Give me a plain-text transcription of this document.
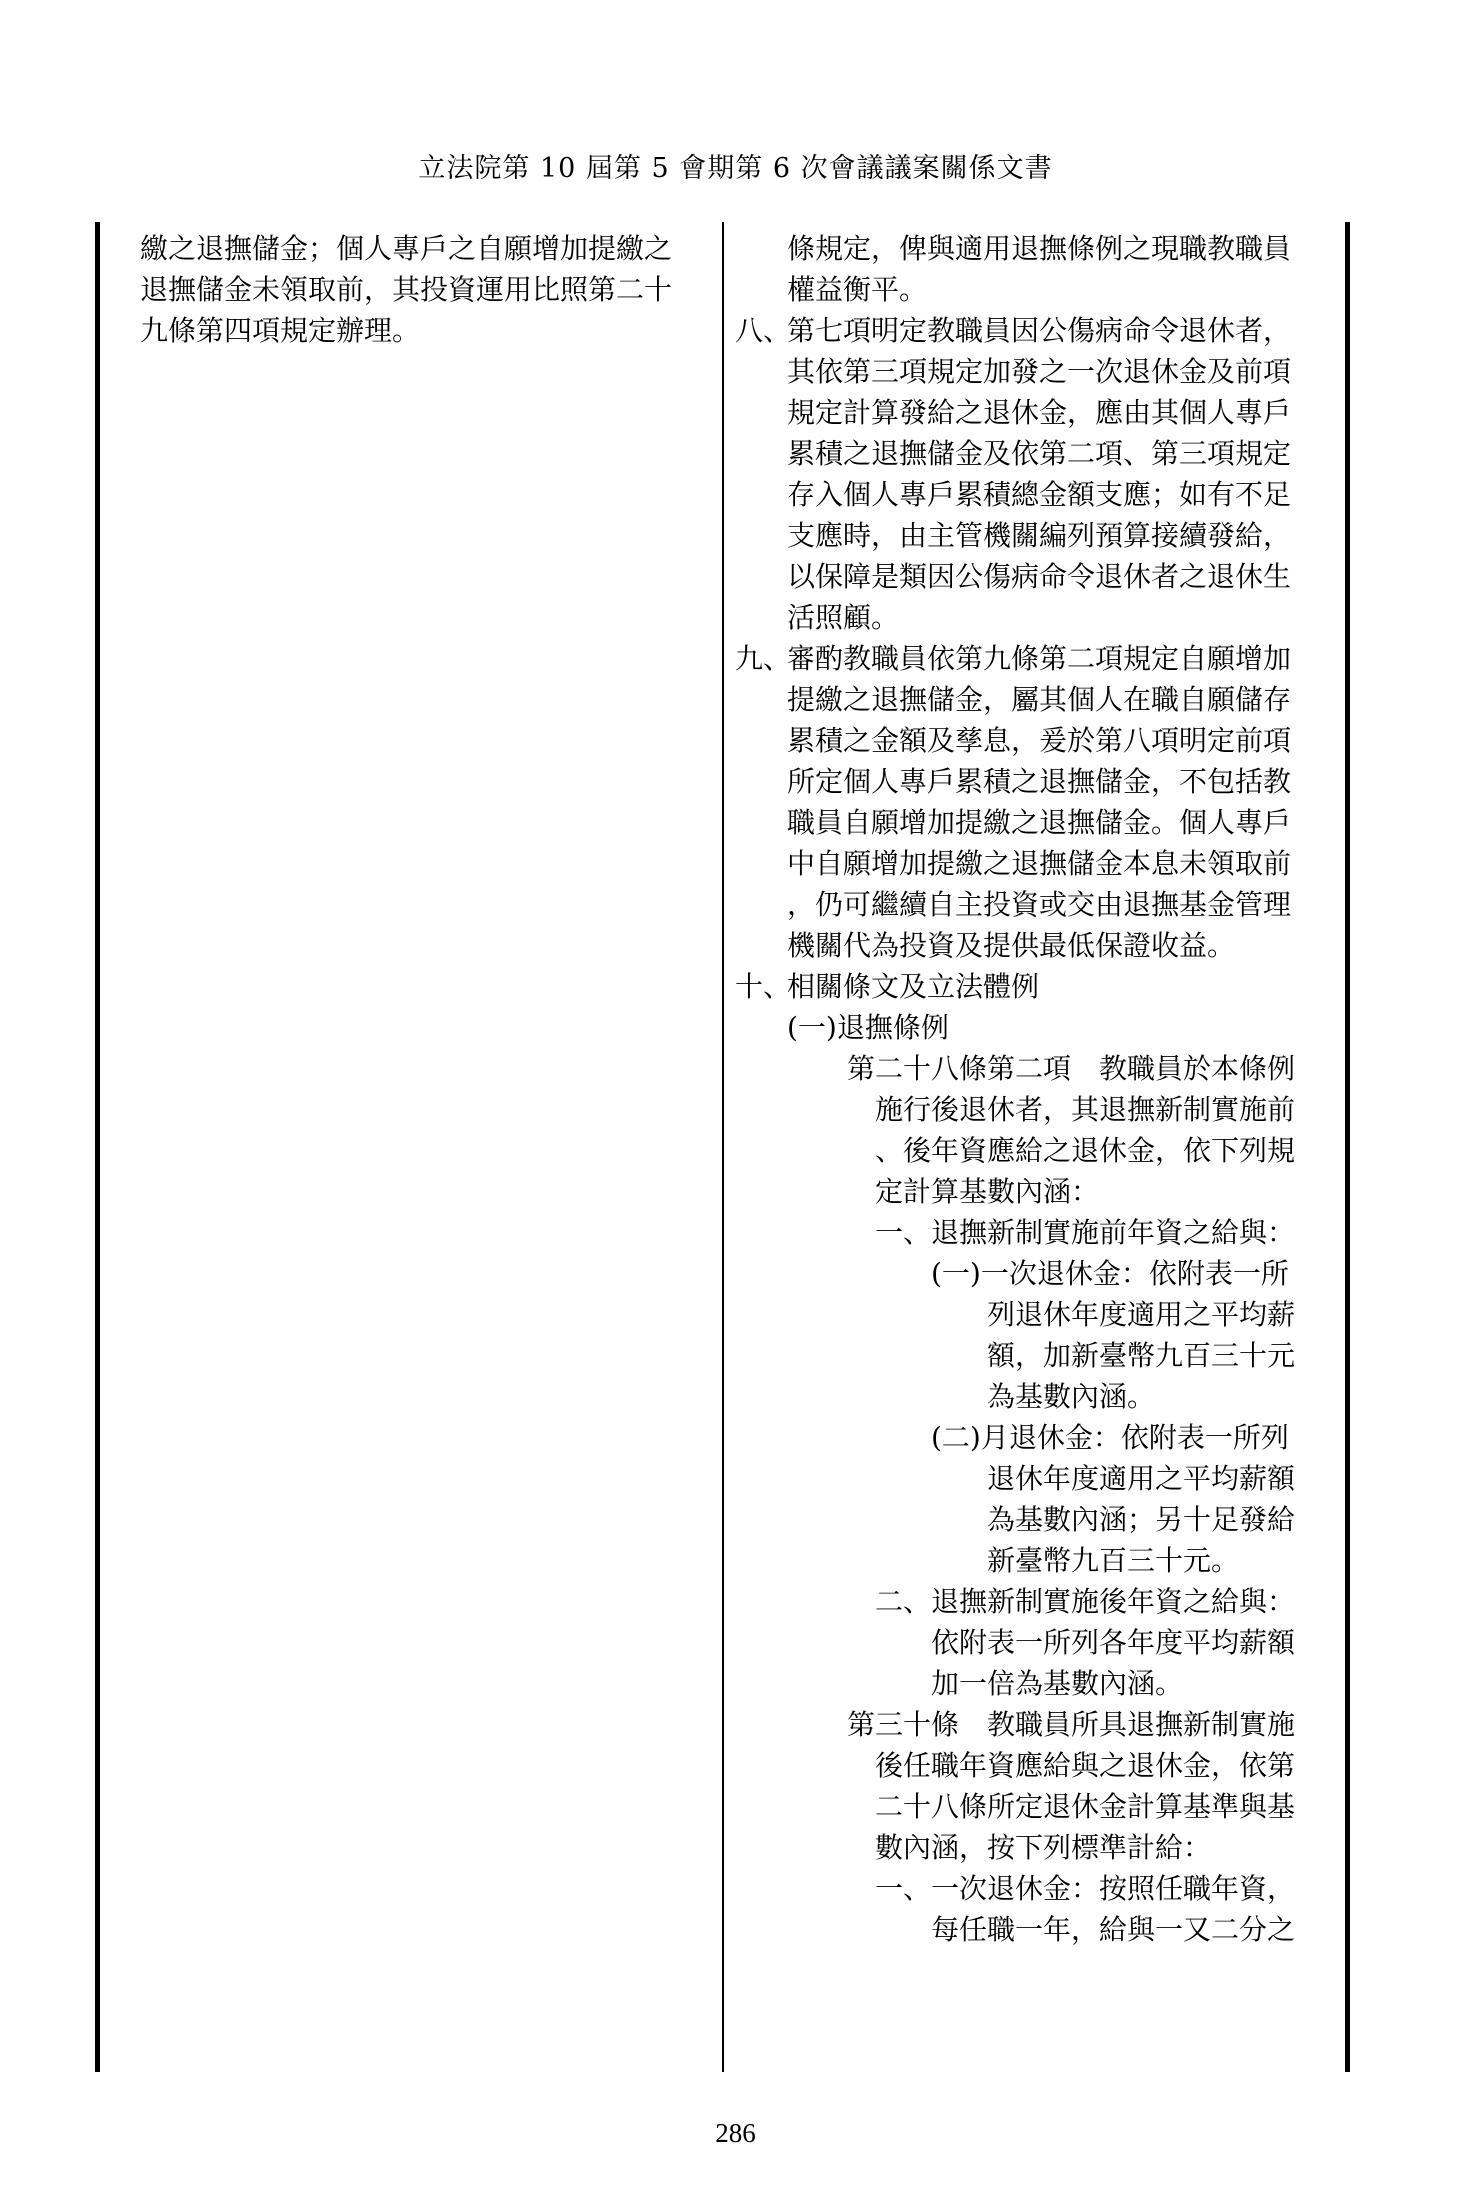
立法院第 10 屆第 5 會期第 6 次會議議案關係文書
繳之退撫儲金；個人專戶之自願增加提繳之
退撫儲金未領取前，其投資運用比照第二十
九條第四項規定辦理。
條規定，俾與適用退撫條例之現職教職員
權益衡平。
八、第七項明定教職員因公傷病命令退休者，
其依第三項規定加發之一次退休金及前項
規定計算發給之退休金，應由其個人專戶
累積之退撫儲金及依第二項、第三項規定
存入個人專戶累積總金額支應；如有不足
支應時，由主管機關編列預算接續發給，
以保障是類因公傷病命令退休者之退休生
活照顧。
九、審酌教職員依第九條第二項規定自願增加
提繳之退撫儲金，屬其個人在職自願儲存
累積之金額及孳息，爰於第八項明定前項
所定個人專戶累積之退撫儲金，不包括教
職員自願增加提繳之退撫儲金。個人專戶
中自願增加提繳之退撫儲金本息未領取前
，仍可繼續自主投資或交由退撫基金管理
機關代為投資及提供最低保證收益。
十、相關條文及立法體例
(一)退撫條例
第二十八條第二項　教職員於本條例
施行後退休者，其退撫新制實施前
、後年資應給之退休金，依下列規
定計算基數內涵：
一、退撫新制實施前年資之給與：
(一)一次退休金：依附表一所
列退休年度適用之平均薪
額，加新臺幣九百三十元
為基數內涵。
(二)月退休金：依附表一所列
退休年度適用之平均薪額
為基數內涵；另十足發給
新臺幣九百三十元。
二、退撫新制實施後年資之給與：
依附表一所列各年度平均薪額
加一倍為基數內涵。
第三十條　教職員所具退撫新制實施
後任職年資應給與之退休金，依第
二十八條所定退休金計算基準與基
數內涵，按下列標準計給：
一、一次退休金：按照任職年資，
每任職一年，給與一又二分之
286
